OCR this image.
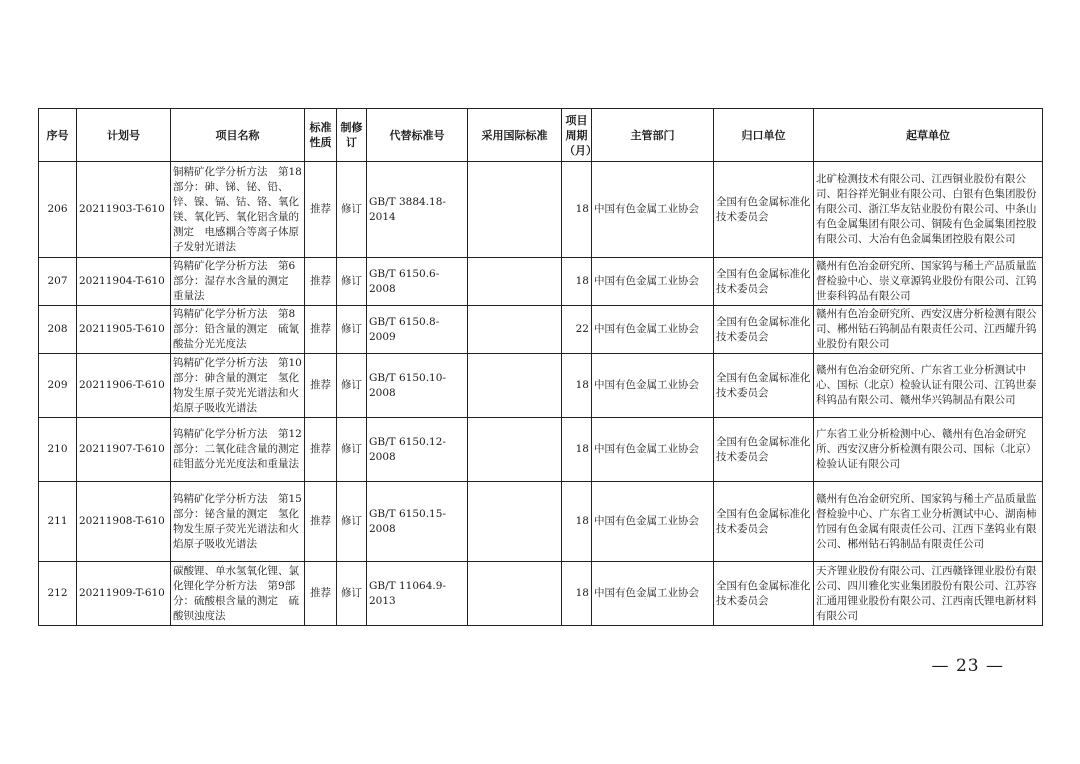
序号	计划号	项目名称	标准性质	制修订	代替标准号	采用国际标准	项目周期（月）	主管部门	归口单位	起草单位
206	20211903-T-610	铜精矿化学分析方法　第18部分：砷、锑、铋、铅、锌、镍、镉、钴、铬、氧化镁、氧化钙、氧化铝含量的测定　电感耦合等离子体原子发射光谱法	推荐	修订	GB/T 3884.18-2014		18	中国有色金属工业协会	全国有色金属标准化技术委员会	北矿检测技术有限公司、江西铜业股份有限公司、阳谷祥光铜业有限公司、白银有色集团股份有限公司、浙江华友钴业股份有限公司、中条山有色金属集团有限公司、铜陵有色金属集团控股有限公司、大冶有色金属集团控股有限公司
207	20211904-T-610	钨精矿化学分析方法　第6部分：湿存水含量的测定　重量法	推荐	修订	GB/T 6150.6-2008		18	中国有色金属工业协会	全国有色金属标准化技术委员会	赣州有色冶金研究所、国家钨与稀土产品质量监督检验中心、崇义章源钨业股份有限公司、江钨世泰科钨品有限公司
208	20211905-T-610	钨精矿化学分析方法　第8部分：铅含量的测定　硫氰酸盐分光光度法	推荐	修订	GB/T 6150.8-2009		22	中国有色金属工业协会	全国有色金属标准化技术委员会	赣州有色冶金研究所、西安汉唐分析检测有限公司、郴州钻石钨制品有限责任公司、江西耀升钨业股份有限公司
209	20211906-T-610	钨精矿化学分析方法　第10部分：砷含量的测定　氢化物发生原子荧光光谱法和火焰原子吸收光谱法	推荐	修订	GB/T 6150.10-2008		18	中国有色金属工业协会	全国有色金属标准化技术委员会	赣州有色冶金研究所、广东省工业分析测试中心、国标（北京）检验认证有限公司、江钨世泰科钨品有限公司、赣州华兴钨制品有限公司
210	20211907-T-610	钨精矿化学分析方法　第12部分：二氧化硅含量的测定　硅钼蓝分光光度法和重量法	推荐	修订	GB/T 6150.12-2008		18	中国有色金属工业协会	全国有色金属标准化技术委员会	广东省工业分析检测中心、赣州有色冶金研究所、西安汉唐分析检测有限公司、国标（北京）检验认证有限公司
211	20211908-T-610	钨精矿化学分析方法　第15部分：铋含量的测定　氢化物发生原子荧光光谱法和火焰原子吸收光谱法	推荐	修订	GB/T 6150.15-2008		18	中国有色金属工业协会	全国有色金属标准化技术委员会	赣州有色冶金研究所、国家钨与稀土产品质量监督检验中心、广东省工业分析测试中心、湖南柿竹园有色金属有限责任公司、江西下垄钨业有限公司、郴州钻石钨制品有限责任公司
212	20211909-T-610	碳酸锂、单水氢氧化锂、氯化锂化学分析方法　第9部分：硫酸根含量的测定　硫酸钡浊度法	推荐	修订	GB/T 11064.9-2013		18	中国有色金属工业协会	全国有色金属标准化技术委员会	天齐锂业股份有限公司、江西赣锋锂业股份有限公司、四川雅化实业集团股份有限公司、江苏容汇通用锂业股份有限公司、江西南氏锂电新材料有限公司
— 23 —
